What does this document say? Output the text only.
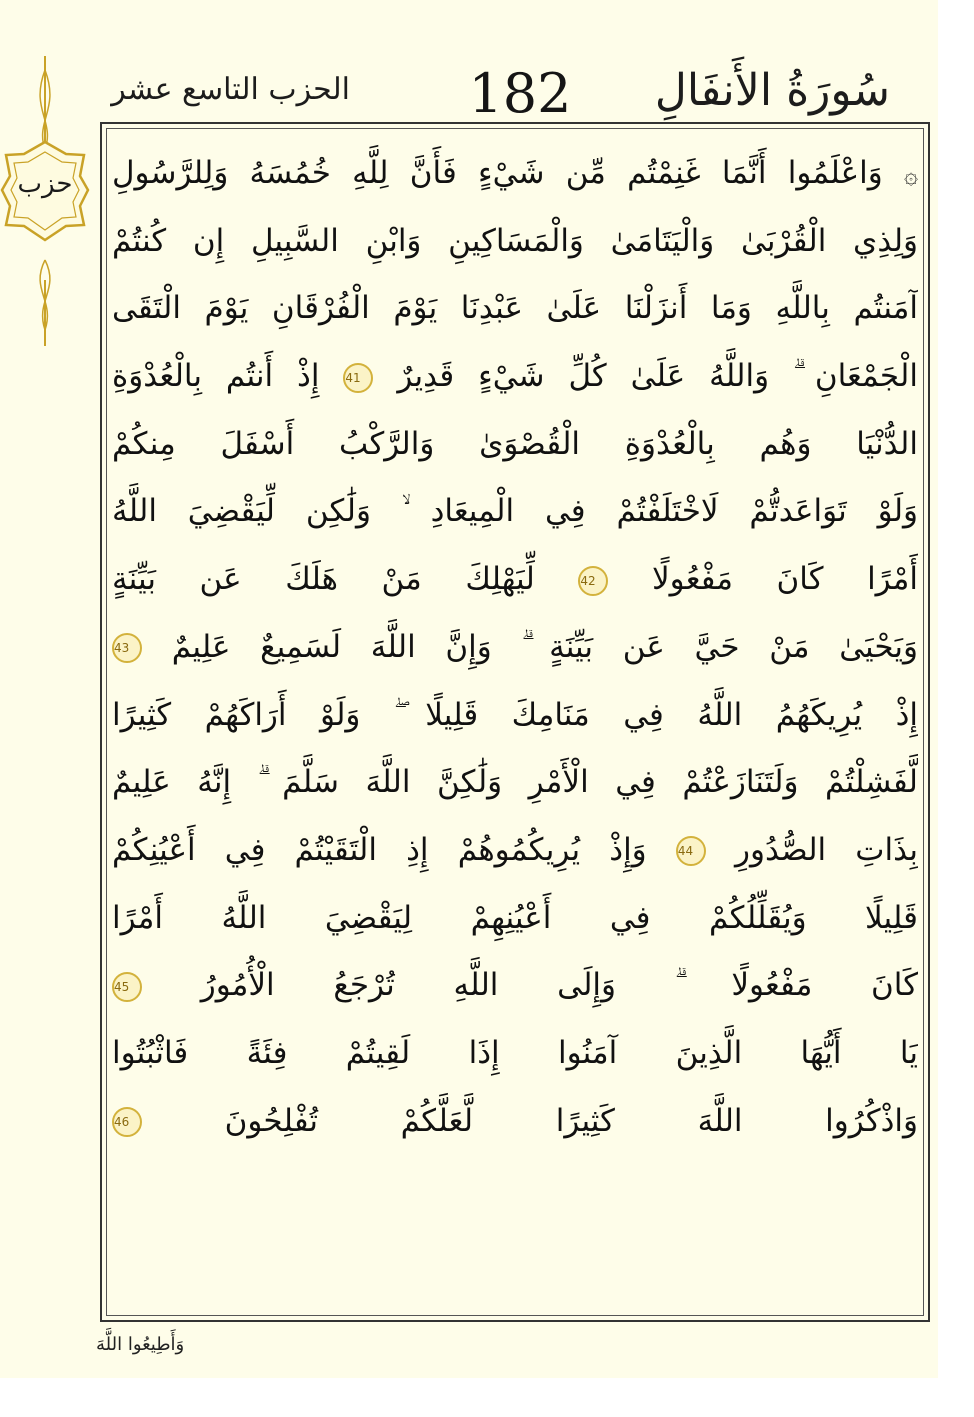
سُورَةُ الأَنفَالِ
182
الحزب التاسع عشر
حزب	۞ وَاعْلَمُوا أَنَّمَا غَنِمْتُم مِّن شَيْءٍ فَأَنَّ لِلَّهِ خُمُسَهُ وَلِلرَّسُولِ
وَلِذِي الْقُرْبَىٰ وَالْيَتَامَىٰ وَالْمَسَاكِينِ وَابْنِ السَّبِيلِ إِن كُنتُمْ
آمَنتُم بِاللَّهِ وَمَا أَنزَلْنَا عَلَىٰ عَبْدِنَا يَوْمَ الْفُرْقَانِ يَوْمَ الْتَقَى
الْجَمْعَانِ ۗ وَاللَّهُ عَلَىٰ كُلِّ شَيْءٍ قَدِيرٌ 41 إِذْ أَنتُم بِالْعُدْوَةِ
الدُّنْيَا وَهُم بِالْعُدْوَةِ الْقُصْوَىٰ وَالرَّكْبُ أَسْفَلَ مِنكُمْ
وَلَوْ تَوَاعَدتُّمْ لَاخْتَلَفْتُمْ فِي الْمِيعَادِ ۙ وَلَٰكِن لِّيَقْضِيَ اللَّهُ
أَمْرًا كَانَ مَفْعُولًا 42 لِّيَهْلِكَ مَنْ هَلَكَ عَن بَيِّنَةٍ
وَيَحْيَىٰ مَنْ حَيَّ عَن بَيِّنَةٍ ۗ وَإِنَّ اللَّهَ لَسَمِيعٌ عَلِيمٌ 43
إِذْ يُرِيكَهُمُ اللَّهُ فِي مَنَامِكَ قَلِيلًا ۖ وَلَوْ أَرَاكَهُمْ كَثِيرًا
لَّفَشِلْتُمْ وَلَتَنَازَعْتُمْ فِي الْأَمْرِ وَلَٰكِنَّ اللَّهَ سَلَّمَ ۗ إِنَّهُ عَلِيمٌ
بِذَاتِ الصُّدُورِ 44 وَإِذْ يُرِيكُمُوهُمْ إِذِ الْتَقَيْتُمْ فِي أَعْيُنِكُمْ
قَلِيلًا وَيُقَلِّلُكُمْ فِي أَعْيُنِهِمْ لِيَقْضِيَ اللَّهُ أَمْرًا
كَانَ مَفْعُولًا ۗ وَإِلَى اللَّهِ تُرْجَعُ الْأُمُورُ 45
يَا أَيُّهَا الَّذِينَ آمَنُوا إِذَا لَقِيتُمْ فِئَةً فَاثْبُتُوا
وَاذْكُرُوا اللَّهَ كَثِيرًا لَّعَلَّكُمْ تُفْلِحُونَ 46
وَأَطِيعُوا اللَّهَ
